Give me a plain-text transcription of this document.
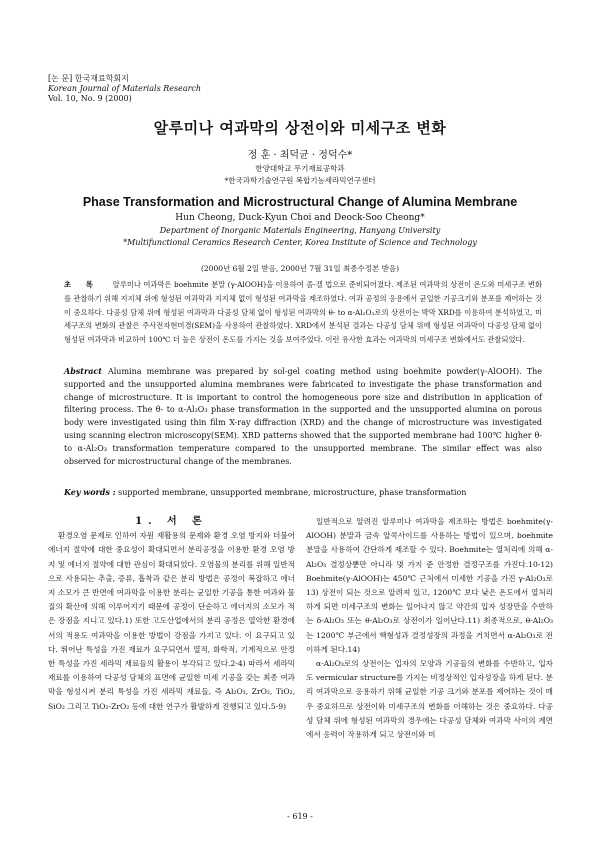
[논 문] 한국재료학회지
Korean Journal of Materials Research
Vol. 10, No. 9 (2000)
알루미나 여과막의 상전이와 미세구조 변화
정 훈 · 최덕균 · 정덕수*
한양대학교 무기재료공학과
*한국과학기술연구원 복합기능세라믹연구센터
Phase Transformation and Microstructural Change of Alumina Membrane
Hun Cheong, Duck-Kyun Choi and Deock-Soo Cheong*
Department of Inorganic Materials Engineering, Hanyang University
*Multifunctional Ceramics Research Center, Korea Institute of Science and Technology
(2000년 6월 2일 받음, 2000년 7월 31일 최종수정본 받음)
초 록 알루미나 여과막은 boehmite 분말 (γ-AlOOH)을 이용하여 졸-겔 법으로 준비되어졌다. 제조된 여과막의 상전이 온도와 미세구조 변화를 관찰하기 위해 지지체 위에 형성된 여과막과 지지체 없이 형성된 여과막을 제조하였다. 여과 공정의 응용에서 균일한 기공크기와 분포를 제어하는 것이 중요하다. 다공성 담체 위에 형성된 여과막과 다공성 담체 없이 형성된 여과막의 θ- to α-Al₂O₃로의 상전이는 박막 XRD를 이용하여 분석하였고, 미세구조의 변화의 관찰은 주사전자현미경(SEM)을 사용하여 관찰하였다. XRD에서 분석된 결과는 다공성 담체 위에 형성된 여과막이 다공성 담체 없이 형성된 여과막과 비교하여 100℃ 더 높은 상전이 온도를 가지는 것을 보여주었다. 이런 유사한 효과는 여과막의 미세구조 변화에서도 관찰되었다.
Abstract Alumina membrane was prepared by sol-gel coating method using boehmite powder(γ-AlOOH). The supported and the unsupported alumina membranes were fabricated to investigate the phase transformation and change of microstructure. It is important to control the homogeneous pore size and distribution in application of filtering process. The θ- to α-Al₂O₃ phase transformation in the supported and the unsupported alumina on porous body were investigated using thin film X-ray diffraction (XRD) and the change of microstructure was investigated using scanning electron microscopy(SEM). XRD patterns showed that the supported membrane had 100℃ higher θ- to α-Al₂O₃ transformation temperature compared to the unsupported membrane. The similar effect was also observed for microstructural change of the membranes.
Key words : supported membrane, unsupported membrane, microstructure, phase transformation

1. 서 론

환경오염 문제로 인하여 자원 재활용의 문제와 환경 오염 방지와 더불어 에너지 절약에 대한 중요성이 확대되면서 분리공정을 이용한 환경 오염 방지 및 에너지 절약에 대한 관심이 확대되었다. 오염물의 분리를 위해 일반적으로 사용되는 추출, 증류, 흡착과 같은 분리 방법은 공정이 복잡하고 에너지 소모가 큰 반면에 여과막을 이용한 분리는 균일한 기공을 통한 여과와 물질의 확산에 의해 이루어지기 때문에 공정이 단순하고 에너지의 소모가 적은 장점을 지니고 있다.1) 또한 고도산업에서의 분리 공정은 열악한 환경에서의 적용도 여과막을 이용한 방법이 강점을 가지고 있다. 이 요구되고 있다. 뛰어난 특성을 가진 재료가 요구되면서 열적, 화학적, 기계적으로 안정한 특성을 가진 세라믹 재료들의 활용이 부각되고 있다.2-4) 따라서 세라믹 재료를 이용하여 다공성 담체의 표면에 균일한 미세 기공을 갖는 최종 여과막을 형성시켜 분리 특성을 가진 세라믹 재료들, 즉 Al₂O₃, ZrO₂, TiO₂, SiO₂ 그리고 TiO₂-ZrO₂ 등에 대한 연구가 활발하게 진행되고 있다.5-9)

일반적으로 알려진 알루미나 여과막을 제조하는 방법은 boehmite(γ-AlOOH) 분말과 금속 알콕사이드를 사용하는 방법이 있으며, boehmite 분말을 사용하여 간단하게 제조할 수 있다. Boehmite는 열처리에 의해 α-Al₂O₃ 결정상뿐만 아니라 몇 가지 준 안정한 결정구조를 가진다.10-12) Boehmite(γ-AlOOH)는 450℃ 근처에서 미세한 기공을 가진 γ-Al₂O₃로13) 상전이 되는 것으로 알려져 있고, 1200℃ 보다 낮은 온도에서 열처리하게 되면 미세구조의 변화는 일어나지 않고 약간의 입자 성장만을 수반하는 δ-Al₂O₃ 또는 θ-Al₂O₃로 상전이가 일어난다.11) 최종적으로, θ-Al₂O₃는 1200℃ 부근에서 핵형성과 결정성장의 과정을 거치면서 α-Al₂O₃로 전이하게 된다.14)

α-Al₂O₃로의 상전이는 입자의 모양과 기공들의 변화를 수반하고, 입자도 vermicular structure를 가지는 비정상적인 입자성장을 하게 된다. 분리 여과막으로 응용하기 위해 균일한 기공 크기와 분포를 제어하는 것이 매우 중요하므로 상전이와 미세구조의 변화를 이해하는 것은 중요하다. 다공성 담체 위에 형성된 여과막의 경우에는 다공성 담체와 여과막 사이의 계면에서 응력이 작용하게 되고 상전이와 미

- 619 -
